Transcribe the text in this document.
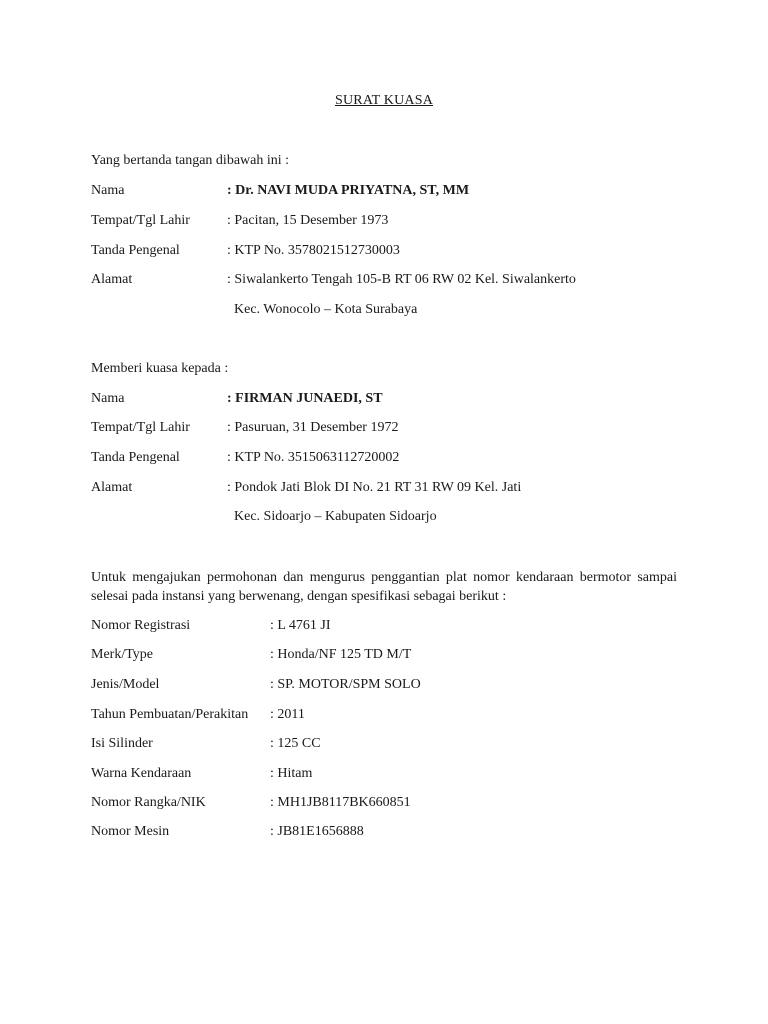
SURAT KUASA
Yang bertanda tangan dibawah ini :
Nama	: Dr. NAVI MUDA PRIYATNA, ST, MM
Tempat/Tgl Lahir	: Pacitan, 15 Desember 1973
Tanda Pengenal	: KTP No. 3578021512730003
Alamat	: Siwalankerto Tengah 105-B RT 06 RW 02 Kel. Siwalankerto
Kec. Wonocolo – Kota Surabaya
Memberi kuasa kepada :
Nama	: FIRMAN JUNAEDI, ST
Tempat/Tgl Lahir	: Pasuruan, 31 Desember 1972
Tanda Pengenal	: KTP No. 3515063112720002
Alamat	: Pondok Jati Blok DI No. 21 RT 31 RW 09 Kel. Jati
Kec. Sidoarjo – Kabupaten Sidoarjo
Untuk mengajukan permohonan dan mengurus penggantian plat nomor kendaraan bermotor sampai selesai pada instansi yang berwenang, dengan spesifikasi sebagai berikut :
Nomor Registrasi	: L 4761 JI
Merk/Type	: Honda/NF 125 TD M/T
Jenis/Model	: SP. MOTOR/SPM SOLO
Tahun Pembuatan/Perakitan : 2011
Isi Silinder	: 125 CC
Warna Kendaraan	: Hitam
Nomor Rangka/NIK	: MH1JB8117BK660851
Nomor Mesin	: JB81E1656888
